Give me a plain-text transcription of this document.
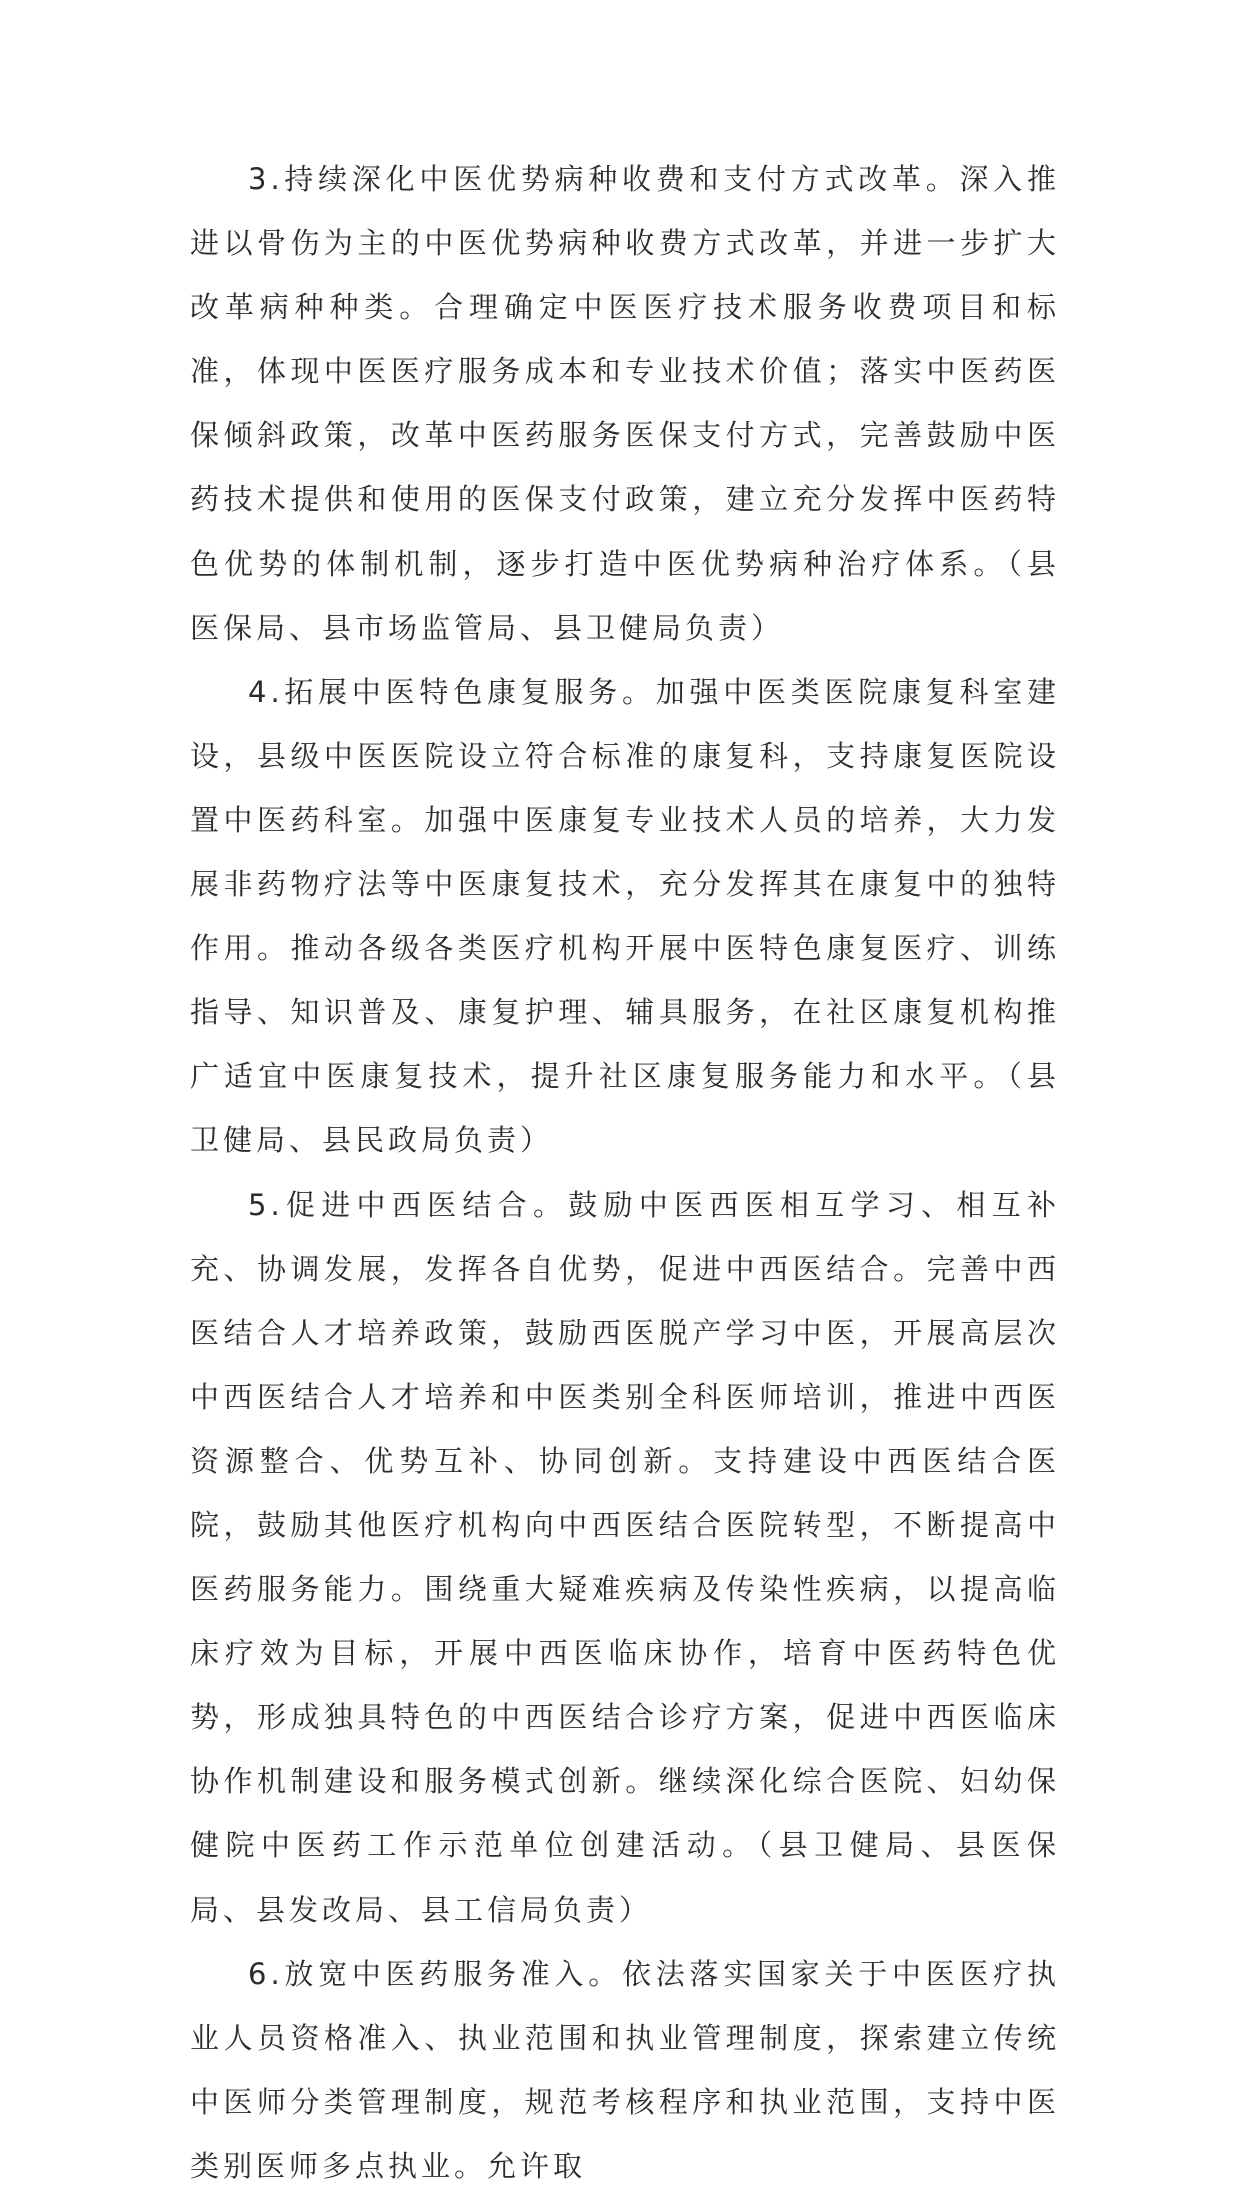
3.持续深化中医优势病种收费和支付方式改革。深入推进以骨伤为主的中医优势病种收费方式改革，并进一步扩大改革病种种类。合理确定中医医疗技术服务收费项目和标准，体现中医医疗服务成本和专业技术价值；落实中医药医保倾斜政策，改革中医药服务医保支付方式，完善鼓励中医药技术提供和使用的医保支付政策，建立充分发挥中医药特色优势的体制机制，逐步打造中医优势病种治疗体系。（县医保局、县市场监管局、县卫健局负责）

4.拓展中医特色康复服务。加强中医类医院康复科室建设，县级中医医院设立符合标准的康复科，支持康复医院设置中医药科室。加强中医康复专业技术人员的培养，大力发展非药物疗法等中医康复技术，充分发挥其在康复中的独特作用。推动各级各类医疗机构开展中医特色康复医疗、训练指导、知识普及、康复护理、辅具服务，在社区康复机构推广适宜中医康复技术，提升社区康复服务能力和水平。（县卫健局、县民政局负责）

5.促进中西医结合。鼓励中医西医相互学习、相互补充、协调发展，发挥各自优势，促进中西医结合。完善中西医结合人才培养政策，鼓励西医脱产学习中医，开展高层次中西医结合人才培养和中医类别全科医师培训，推进中西医资源整合、优势互补、协同创新。支持建设中西医结合医院，鼓励其他医疗机构向中西医结合医院转型，不断提高中医药服务能力。围绕重大疑难疾病及传染性疾病，以提高临床疗效为目标，开展中西医临床协作，培育中医药特色优势，形成独具特色的中西医结合诊疗方案，促进中西医临床协作机制建设和服务模式创新。继续深化综合医院、妇幼保健院中医药工作示范单位创建活动。（县卫健局、县医保局、县发改局、县工信局负责）

6.放宽中医药服务准入。依法落实国家关于中医医疗执业人员资格准入、执业范围和执业管理制度，探索建立传统中医师分类管理制度，规范考核程序和执业范围，支持中医类别医师多点执业。允许取
